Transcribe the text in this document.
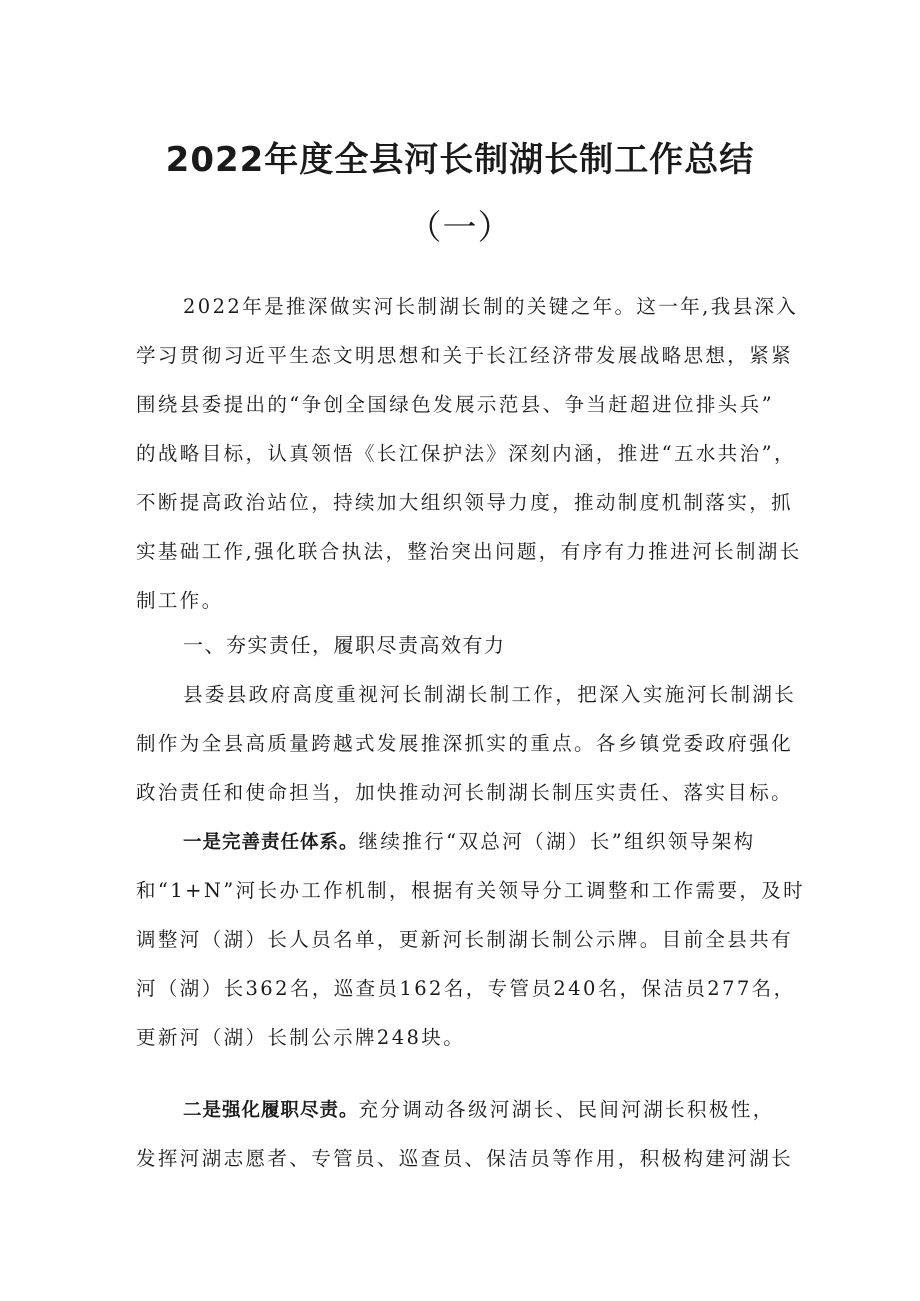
2022年度全县河长制湖长制工作总结
（一）

2022年是推深做实河长制湖长制的关键之年。这一年,我县深入

学习贯彻习近平生态文明思想和关于长江经济带发展战略思想，紧紧

围绕县委提出的“争创全国绿色发展示范县、争当赶超进位排头兵”

的战略目标，认真领悟《长江保护法》深刻内涵，推进“五水共治”，

不断提高政治站位，持续加大组织领导力度，推动制度机制落实，抓

实基础工作,强化联合执法，整治突出问题，有序有力推进河长制湖长

制工作。

一、夯实责任，履职尽责高效有力

县委县政府高度重视河长制湖长制工作，把深入实施河长制湖长

制作为全县高质量跨越式发展推深抓实的重点。各乡镇党委政府强化

政治责任和使命担当，加快推动河长制湖长制压实责任、落实目标。

一是完善责任体系。继续推行“双总河（湖）长”组织领导架构

和“1+N”河长办工作机制，根据有关领导分工调整和工作需要，及时

调整河（湖）长人员名单，更新河长制湖长制公示牌。目前全县共有

河（湖）长362名，巡查员162名，专管员240名，保洁员277名，

更新河（湖）长制公示牌248块。

二是强化履职尽责。充分调动各级河湖长、民间河湖长积极性，

发挥河湖志愿者、专管员、巡查员、保洁员等作用，积极构建河湖长
